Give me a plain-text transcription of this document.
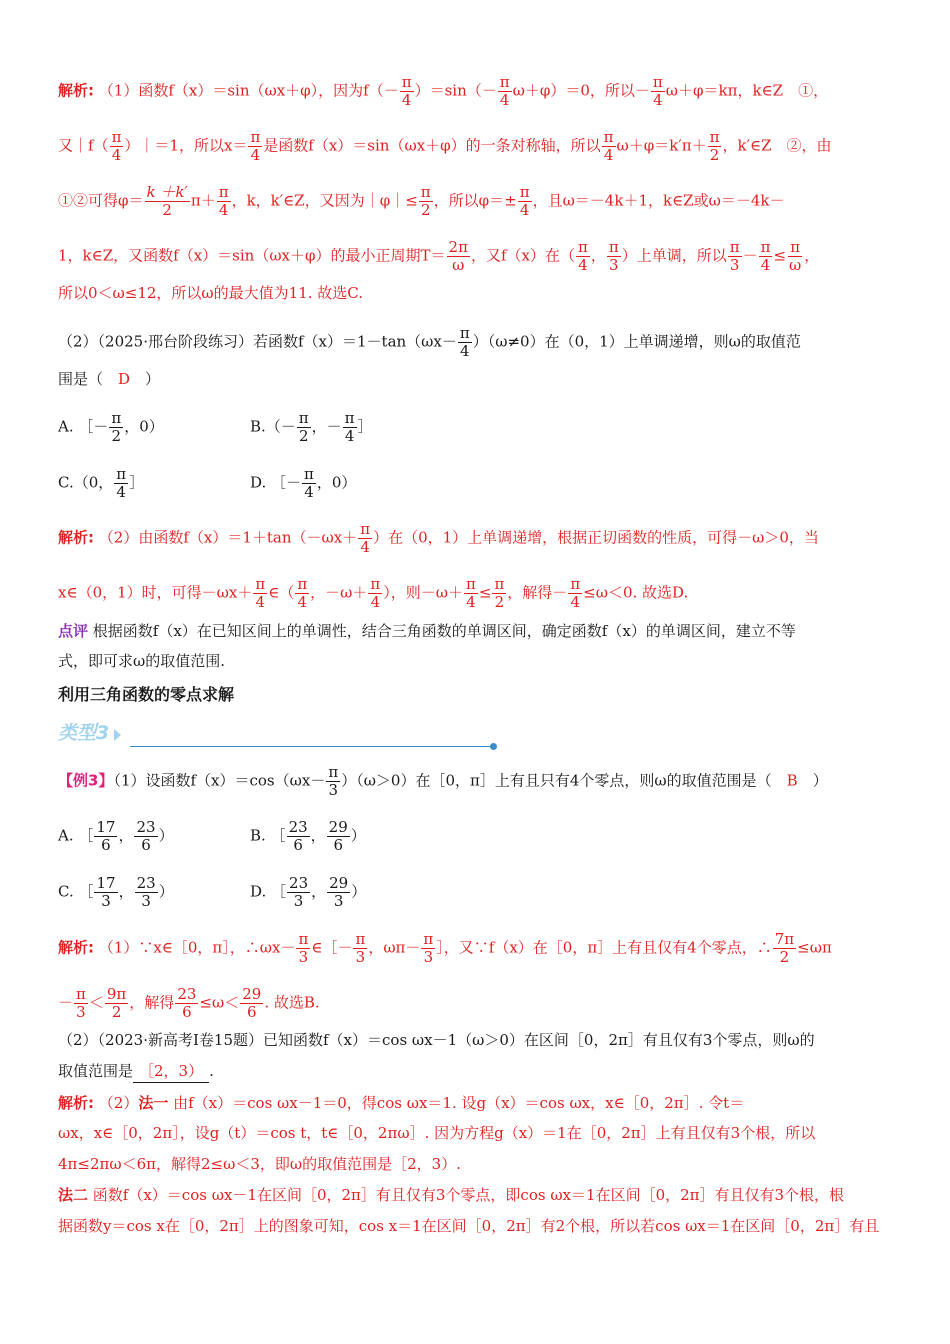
解析: （1）函数f（x）＝sin（ωx＋φ），因为$f(- \frac{\pi}{4} )=\sin(- \frac{\pi}{4} \omega+\varphi)=0$，所以－ $\frac{\pi}{4} \omega+\varphi=k\pi$，k∈Z　①，
又｜f（ $\frac{\pi}{4}$ ）｜＝1，所以$x= \frac{\pi}{4}$ 是函数f（x）＝sin（ωx＋φ）的一条对称轴，所以 $\frac{\pi}{4} \omega+\varphi=k'\pi+ \frac{\pi}{2}$ ，k′∈Z　②，由
①②可得$\varphi= \frac{k +k'}{2} \pi+ \frac{\pi}{4}$ ，k，k′∈Z，又因为｜φ｜≤ $\frac{\pi}{2}$ ，所以$\varphi=\pm \frac{\pi}{4}$ ，且ω＝－4k＋1，k∈Z或ω＝－4k－
1，k∈Z，又函数f（x）＝sin（ωx＋φ）的最小正周期$T= \frac{2\pi}{\omega}$ ，又f（x）在（ $\frac{\pi}{4}$ ， $\frac{\pi}{3}$ ）上单调，所以 $\frac{\pi}{3} - \frac{\pi}{4} \le \frac{\pi}{\omega}$ ，
所以0＜ω≤12，所以ω的最大值为11. 故选C.
（2）（2025·邢台阶段练习）若函数$f(x)=1-\tan(\omega x- \frac{\pi}{4} )(\omega\ne 0)$在（0，1）上单调递增，则ω的取值范
围是（　D　）
A. ［－ $\frac{\pi}{2}$ ，0）	$B.(- \frac{\pi}{2}$ ，－ $\frac{\pi}{4}$ ］
C.（0， $\frac{\pi}{4}$ ］	D. ［－ $\frac{\pi}{4}$ ，0）
解析: （2）由函数$f(x)=1+\tan(-\omega x+ \frac{\pi}{4}$ ）在（0，1）上单调递增，根据正切函数的性质，可得－ω＞0，当
x∈（0，1）时，可得$-\omega x+ \frac{\pi}{4}$ ∈（ $\frac{\pi}{4}$ ，$-\omega+ \frac{\pi}{4}$ ），则$-\omega+ \frac{\pi}{4} \le \frac{\pi}{2}$ ，解得－ $\frac{\pi}{4} \le\omega<0$. 故选D.
点评 根据函数f（x）在已知区间上的单调性，结合三角函数的单调区间，确定函数f（x）的单调区间，建立不等
式，即可求ω的取值范围.
利用三角函数的零点求解
类型3
【例3】（1）设函数$f(x)=\cos(\omega x- \frac{\pi}{3} )(\omega>0)$在［0，π］上有且只有4个零点，则ω的取值范围是（　B　）
A. ［ $\frac{17}{6}$ ， $\frac{23}{6}$ ）	B. ［ $\frac{23}{6}$ ， $\frac{29}{6}$ ）
C. ［ $\frac{17}{3}$ ， $\frac{23}{3}$ ）	D. ［ $\frac{23}{3}$ ， $\frac{29}{3}$ ）
解析: （1）∵x∈［0，π］，∴ωx－ $\frac{\pi}{3}$ ∈［－ $\frac{\pi}{3}$ ，$\omega\pi- \frac{\pi}{3}$ ］，又∵f（x）在［0，π］上有且仅有4个零点，∴ $\frac{7\pi}{2} \le\omega\pi$
－ $\frac{\pi}{3} < \frac{9\pi}{2}$ ，解得 $\frac{23}{6} \le\omega< \frac{29}{6}$ . 故选B.
（2）（2023·新高考Ⅰ卷15题）已知函数f（x）＝cos ωx－1（ω＞0）在区间［0，2π］有且仅有3个零点，则ω的
取值范围是 ［2，3） .
解析: （2）法一 由f（x）＝cos ωx－1＝0，得cos ωx＝1. 设g（x）＝cos ωx，x∈［0，2π］. 令t＝
ωx，x∈［0，2π］，设g（t）＝cos t，t∈［0，2πω］. 因为方程g（x）＝1在［0，2π］上有且仅有3个根，所以
4π≤2πω＜6π，解得2≤ω＜3，即ω的取值范围是［2，3）.
法二 函数f（x）＝cos ωx－1在区间［0，2π］有且仅有3个零点，即cos ωx＝1在区间［0，2π］有且仅有3个根，根
据函数y＝cos x在［0，2π］上的图象可知，cos x＝1在区间［0，2π］有2个根，所以若cos ωx＝1在区间［0，2π］有且
